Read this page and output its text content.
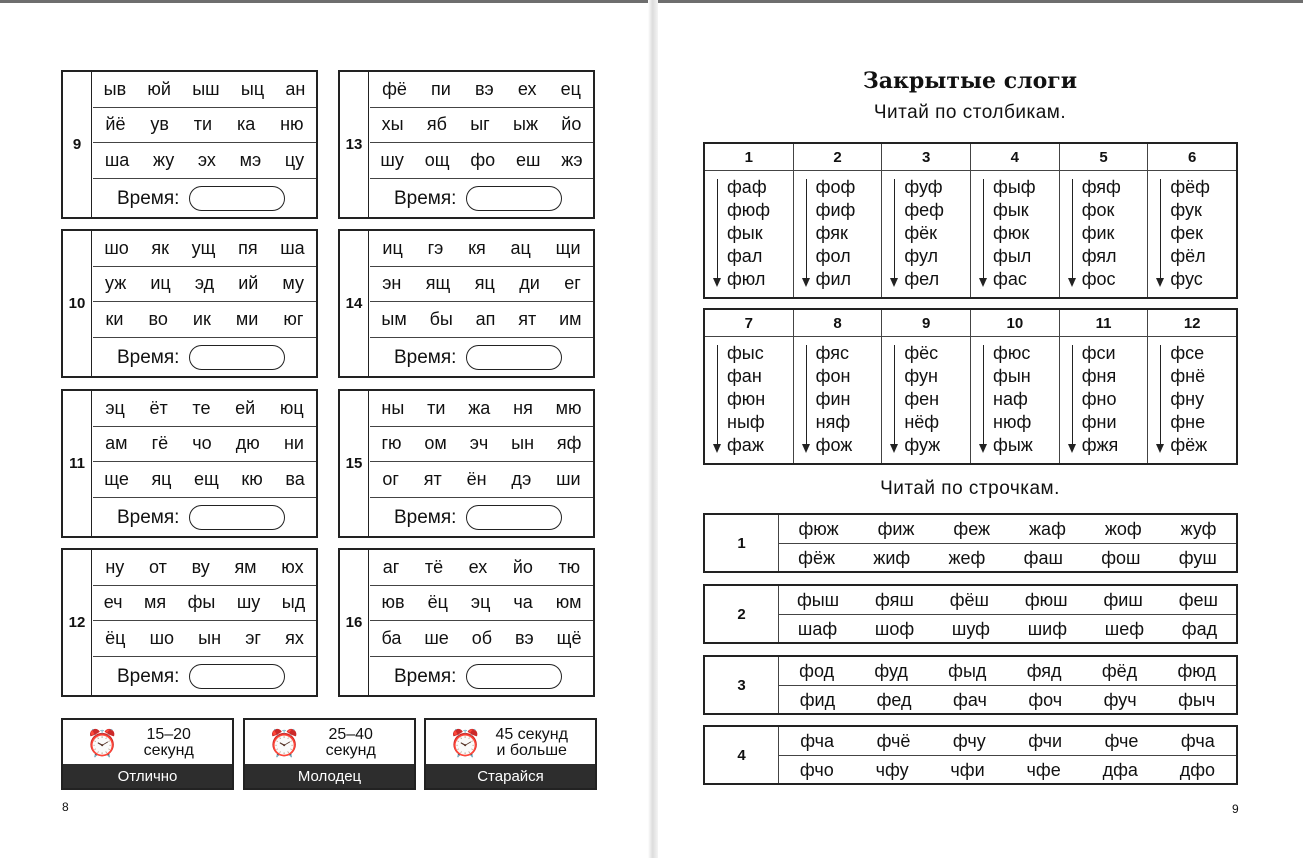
9
ыв юй ыш ыц ан
йё ув ти ка ню
ша жу эх мэ цу
Время:
10
шо як ущ пя ша
уж иц эд ий му
ки во ик ми юг
Время:
11
эц ёт те ей юц
ам гё чо дю ни
ще яц ещ кю ва
Время:
12
ну от ву ям юх
еч мя фы шу ыд
ёц шо ын эг ях
Время:
13
фё пи вэ ех ец
хы яб ыг ыж йо
шу ощ фо еш жэ
Время:
14
иц гэ кя ац щи
эн ящ яц ди ег
ым бы ап ят им
Время:
15
ны ти жа ня мю
гю ом эч ын яф
ог ят ён дэ ши
Время:
16
аг тё ех йо тю
юв ёц эц ча юм
ба ше об вэ щё
Время:
⏰	15–20
секунд
Отлично
⏰	25–40
секунд
Молодец
⏰ 45 секунд
и больше
Старайся
8
Закрытые слоги
Читай по столбикам.
Читай по строчкам.
1
фаф
фюф
фык
фал
фюл
2
фоф
фиф
фяк
фол
фил
3
фуф
феф
фёк
фул
фел
4
фыф
фык
фюк
фыл
фас
5
фяф
фок
фик
фял
фос
6
фёф
фук
фек
фёл
фус
7
фыс
фан
фюн
ныф
фаж
8
фяс
фон
фин
няф
фож
9
фёс
фун
фен
нёф
фуж
10
фюс
фын
наф
нюф
фыж
11
фси
фня
фно
фни
фжя
12
фсе
фнё
фну
фне
фёж
1
фюж фиж феж жаф жоф жуф
фёж жиф жеф фаш фош фуш
2
фыш фяш фёш фюш фиш феш
шаф шоф шуф шиф шеф фад
3
фод фуд фыд фяд фёд фюд
фид фед фач фоч фуч фыч
4
фча фчё фчу фчи фче фча
фчо чфу чфи чфе дфа дфо
9
